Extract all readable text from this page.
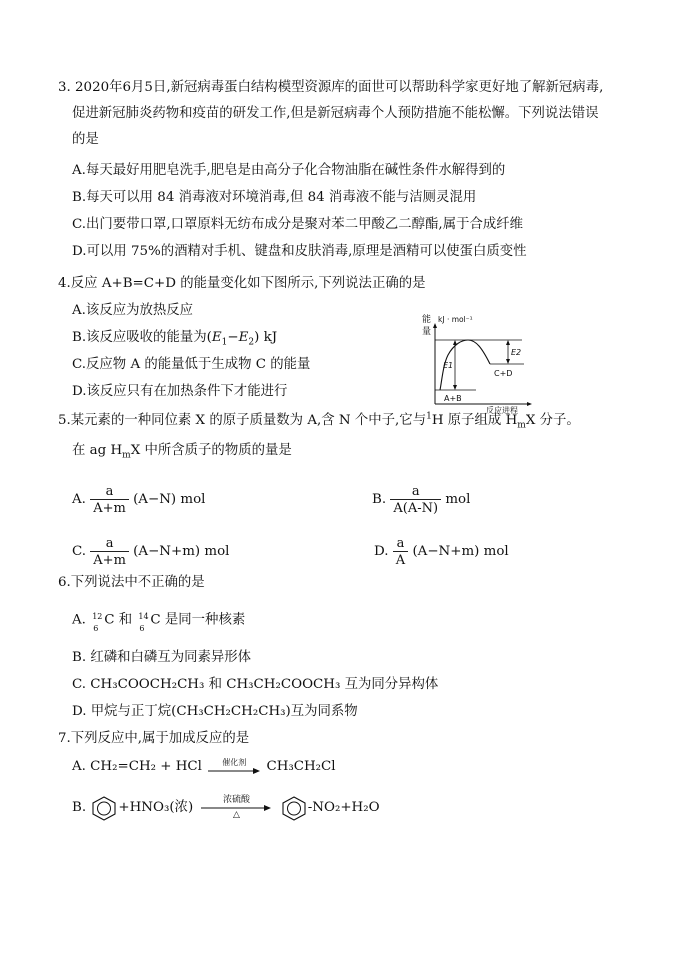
3. 2020年6月5日,新冠病毒蛋白结构模型资源库的面世可以帮助科学家更好地了解新冠病毒,
促进新冠肺炎药物和疫苗的研发工作,但是新冠病毒个人预防措施不能松懈。下列说法错误
的是
A.每天最好用肥皂洗手,肥皂是由高分子化合物油脂在碱性条件水解得到的
B.每天可以用 84 消毒液对环境消毒,但 84 消毒液不能与洁厕灵混用
C.出门要带口罩,口罩原料无纺布成分是聚对苯二甲酸乙二醇酯,属于合成纤维
D.可以用 75%的酒精对手机、键盘和皮肤消毒,原理是酒精可以使蛋白质变性
4.反应 A+B=C+D 的能量变化如下图所示,下列说法正确的是
A.该反应为放热反应
B.该反应吸收的能量为$(E_1-E_2)$ kJ
C.反应物 A 的能量低于生成物 C 的能量
D.该反应只有在加热条件下才能进行
能
量
kJ · mol⁻¹
E1
E2
C+D
A+B
反应进程
5.某元素的一种同位素 X 的原子质量数为 A,含 N 个中子,它与$^1$H 原子组成 $H_mX$ 分子。
在 ag $H_mX$ 中所含质子的物质的量是
A. $\frac{a}{A+m} (A-N)$ mol	B. $\frac{a}{A(A-N)}$ mol
C. $\frac{a}{A+m} (A-N+m)$ mol	D. $\frac{a}{A} (A-N+m)$ mol
6.下列说法中不正确的是
A. 12
6
C 和 14
6
C 是同一种核素
B. 红磷和白磷互为同素异形体
C. CH₃COOCH₂CH₃ 和 CH₃CH₂COOCH₃ 互为同分异构体
D. 甲烷与正丁烷(CH₃CH₂CH₂CH₃)互为同系物
7.下列反应中,属于加成反应的是
A. CH₂=CH₂ + HCl	催化剂	CH₃CH₂Cl
B. +HNO₃(浓)
浓硫酸
△	-NO₂+H₂O
